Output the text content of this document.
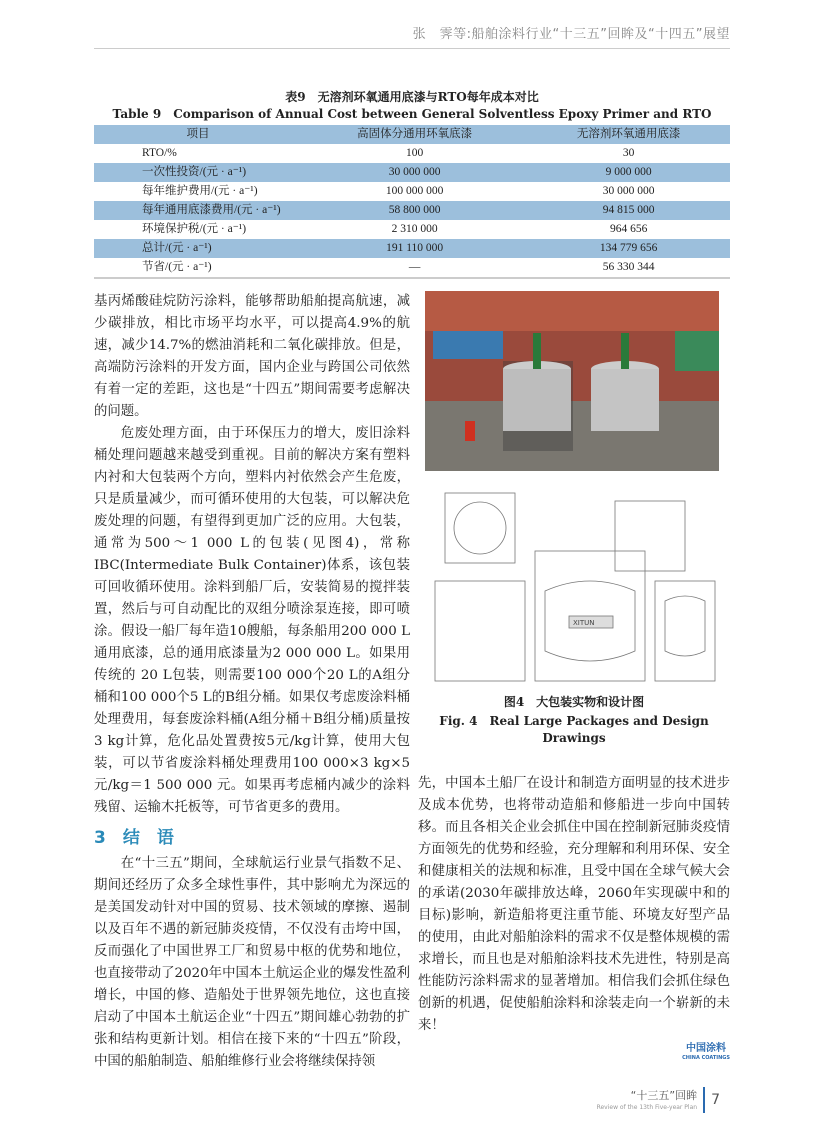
张　霁等:船舶涂料行业“十三五”回眸及“十四五”展望
表9　无溶剂环氧通用底漆与RTO每年成本对比
Table 9　Comparison of Annual Cost between General Solventless Epoxy Primer and RTO
项目	高固体分通用环氧底漆	无溶剂环氧通用底漆
RTO/%	100	30
一次性投资/(元 · a⁻¹)	30 000 000	9 000 000
每年维护费用/(元 · a⁻¹)	100 000 000	30 000 000
每年通用底漆费用/(元 · a⁻¹)	58 800 000	94 815 000
环境保护税/(元 · a⁻¹)	2 310 000	964 656
总计/(元 · a⁻¹)	191 110 000	134 779 656
节省/(元 · a⁻¹)	—	56 330 344

基丙烯酸硅烷防污涂料，能够帮助船舶提高航速，减少碳排放，相比市场平均水平，可以提高4.9%的航速，减少14.7%的燃油消耗和二氧化碳排放。但是，高端防污涂料的开发方面，国内企业与跨国公司依然有着一定的差距，这也是“十四五”期间需要考虑解决的问题。

危废处理方面，由于环保压力的增大，废旧涂料桶处理问题越来越受到重视。目前的解决方案有塑料内衬和大包装两个方向，塑料内衬依然会产生危废，只是质量减少，而可循环使用的大包装，可以解决危废处理的问题，有望得到更加广泛的应用。大包装，通常为500～1 000 L的包装(见图4)，常称IBC(Intermediate Bulk Container)体系，该包装可回收循环使用。涂料到船厂后，安装简易的搅拌装置，然后与可自动配比的双组分喷涂泵连接，即可喷涂。假设一船厂每年造10艘船，每条船用200 000 L通用底漆，总的通用底漆量为2 000 000 L。如果用传统的 20 L包装，则需要100 000个20 L的A组分桶和100 000个5 L的B组分桶。如果仅考虑废涂料桶处理费用，每套废涂料桶(A组分桶＋B组分桶)质量按3 kg计算，危化品处置费按5元/kg计算，使用大包装，可以节省废涂料桶处理费用100 000×3 kg×5元/kg＝1 500 000 元。如果再考虑桶内减少的涂料残留、运输木托板等，可节省更多的费用。

3　结　语

在“十三五”期间，全球航运行业景气指数不足、期间还经历了众多全球性事件，其中影响尤为深远的是美国发动针对中国的贸易、技术领域的摩擦、遏制以及百年不遇的新冠肺炎疫情，不仅没有击垮中国，反而强化了中国世界工厂和贸易中枢的优势和地位，也直接带动了2020年中国本土航运企业的爆发性盈利增长，中国的修、造船处于世界领先地位，这也直接启动了中国本土航运企业“十四五”期间雄心勃勃的扩张和结构更新计划。相信在接下来的“十四五”阶段，中国的船舶制造、船舶维修行业会将继续保持领

XITUN
图4　大包装实物和设计图
Fig. 4　Real Large Packages and Design Drawings

先，中国本土船厂在设计和制造方面明显的技术进步及成本优势，也将带动造船和修船进一步向中国转移。而且各相关企业会抓住中国在控制新冠肺炎疫情方面领先的优势和经验，充分理解和利用环保、安全和健康相关的法规和标准，且受中国在全球气候大会的承诺(2030年碳排放达峰，2060年实现碳中和的目标)影响，新造船将更注重节能、环境友好型产品的使用，由此对船舶涂料的需求不仅是整体规模的需求增长，而且也是对船舶涂料技术先进性，特别是高性能防污涂料需求的显著增加。相信我们会抓住绿色创新的机遇，促使船舶涂料和涂装走向一个崭新的未来！

中国涂料
CHINA COATINGS
“十三五”回眸
Review of the 13th Five-year Plan 7
